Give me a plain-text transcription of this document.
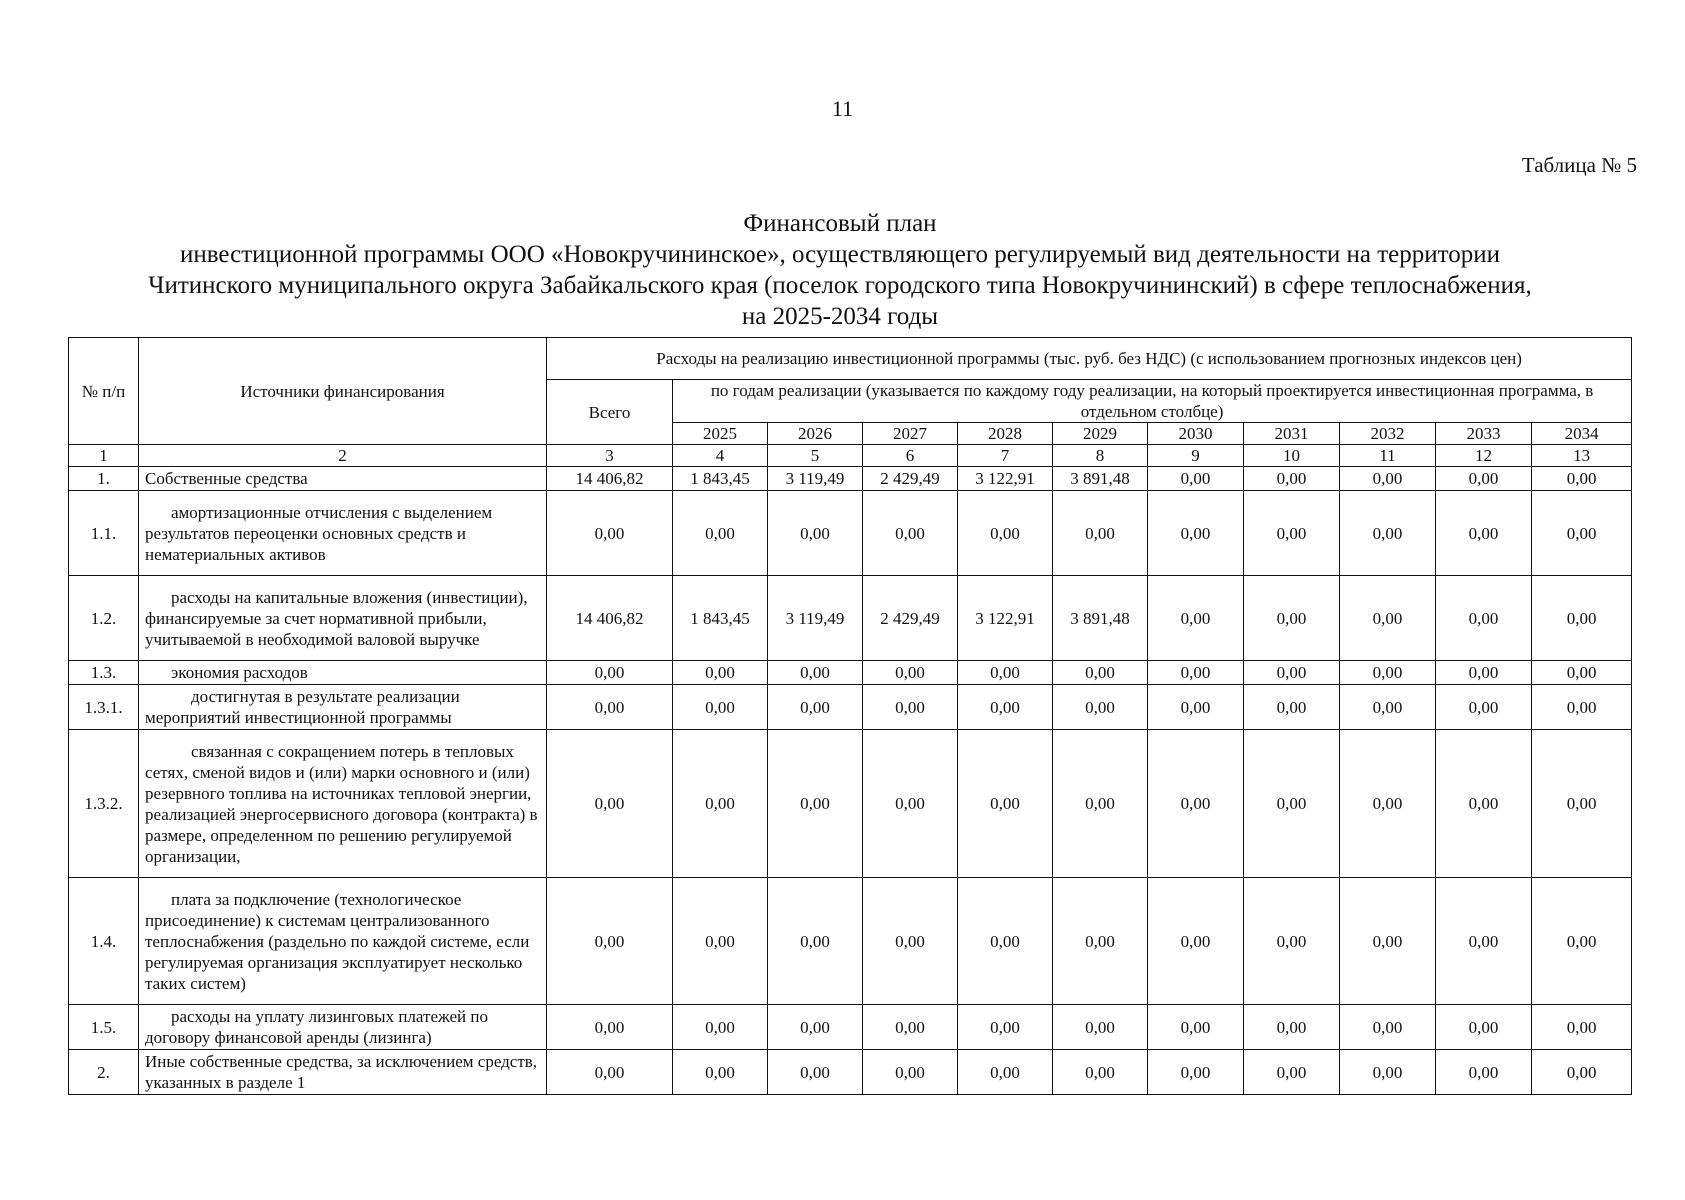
11
Таблица № 5
Финансовый план
инвестиционной программы ООО «Новокручининское», осуществляющего регулируемый вид деятельности на территории
Читинского муниципального округа Забайкальского края (поселок городского типа Новокручининский) в сфере теплоснабжения,
на 2025-2034 годы
№ п/п	Источники финансирования	Расходы на реализацию инвестиционной программы (тыс. руб. без НДС) (с использованием прогнозных индексов цен)										
		Всего	по годам реализации (указывается по каждому году реализации, на который проектируется инвестиционная программа, в отдельном столбце)									
			2025	2026	2027	2028	2029	2030	2031	2032	2033	2034
1	2	3	4	5	6	7	8	9	10	11	12	13
1.	Собственные средства	14 406,82	1 843,45	3 119,49	2 429,49	3 122,91	3 891,48	0,00	0,00	0,00	0,00	0,00
1.1.	амортизационные отчисления с выделением результатов переоценки основных средств и нематериальных активов	0,00	0,00	0,00	0,00	0,00	0,00	0,00	0,00	0,00	0,00	0,00
1.2.	расходы на капитальные вложения (инвестиции), финансируемые за счет нормативной прибыли, учитываемой в необходимой валовой выручке	14 406,82	1 843,45	3 119,49	2 429,49	3 122,91	3 891,48	0,00	0,00	0,00	0,00	0,00
1.3.	экономия расходов	0,00	0,00	0,00	0,00	0,00	0,00	0,00	0,00	0,00	0,00	0,00
1.3.1.	достигнутая в результате реализации мероприятий инвестиционной программы	0,00	0,00	0,00	0,00	0,00	0,00	0,00	0,00	0,00	0,00	0,00
1.3.2.	связанная с сокращением потерь в тепловых сетях, сменой видов и (или) марки основного и (или) резервного топлива на источниках тепловой энергии, реализацией энергосервисного договора (контракта) в размере, определенном по решению регулируемой организации,	0,00	0,00	0,00	0,00	0,00	0,00	0,00	0,00	0,00	0,00	0,00
1.4.	плата за подключение (технологическое присоединение) к системам централизованного теплоснабжения (раздельно по каждой системе, если регулируемая организация эксплуатирует несколько таких систем)	0,00	0,00	0,00	0,00	0,00	0,00	0,00	0,00	0,00	0,00	0,00
1.5.	расходы на уплату лизинговых платежей по договору финансовой аренды (лизинга)	0,00	0,00	0,00	0,00	0,00	0,00	0,00	0,00	0,00	0,00	0,00
2.	Иные собственные средства, за исключением средств, указанных в разделе 1	0,00	0,00	0,00	0,00	0,00	0,00	0,00	0,00	0,00	0,00	0,00
